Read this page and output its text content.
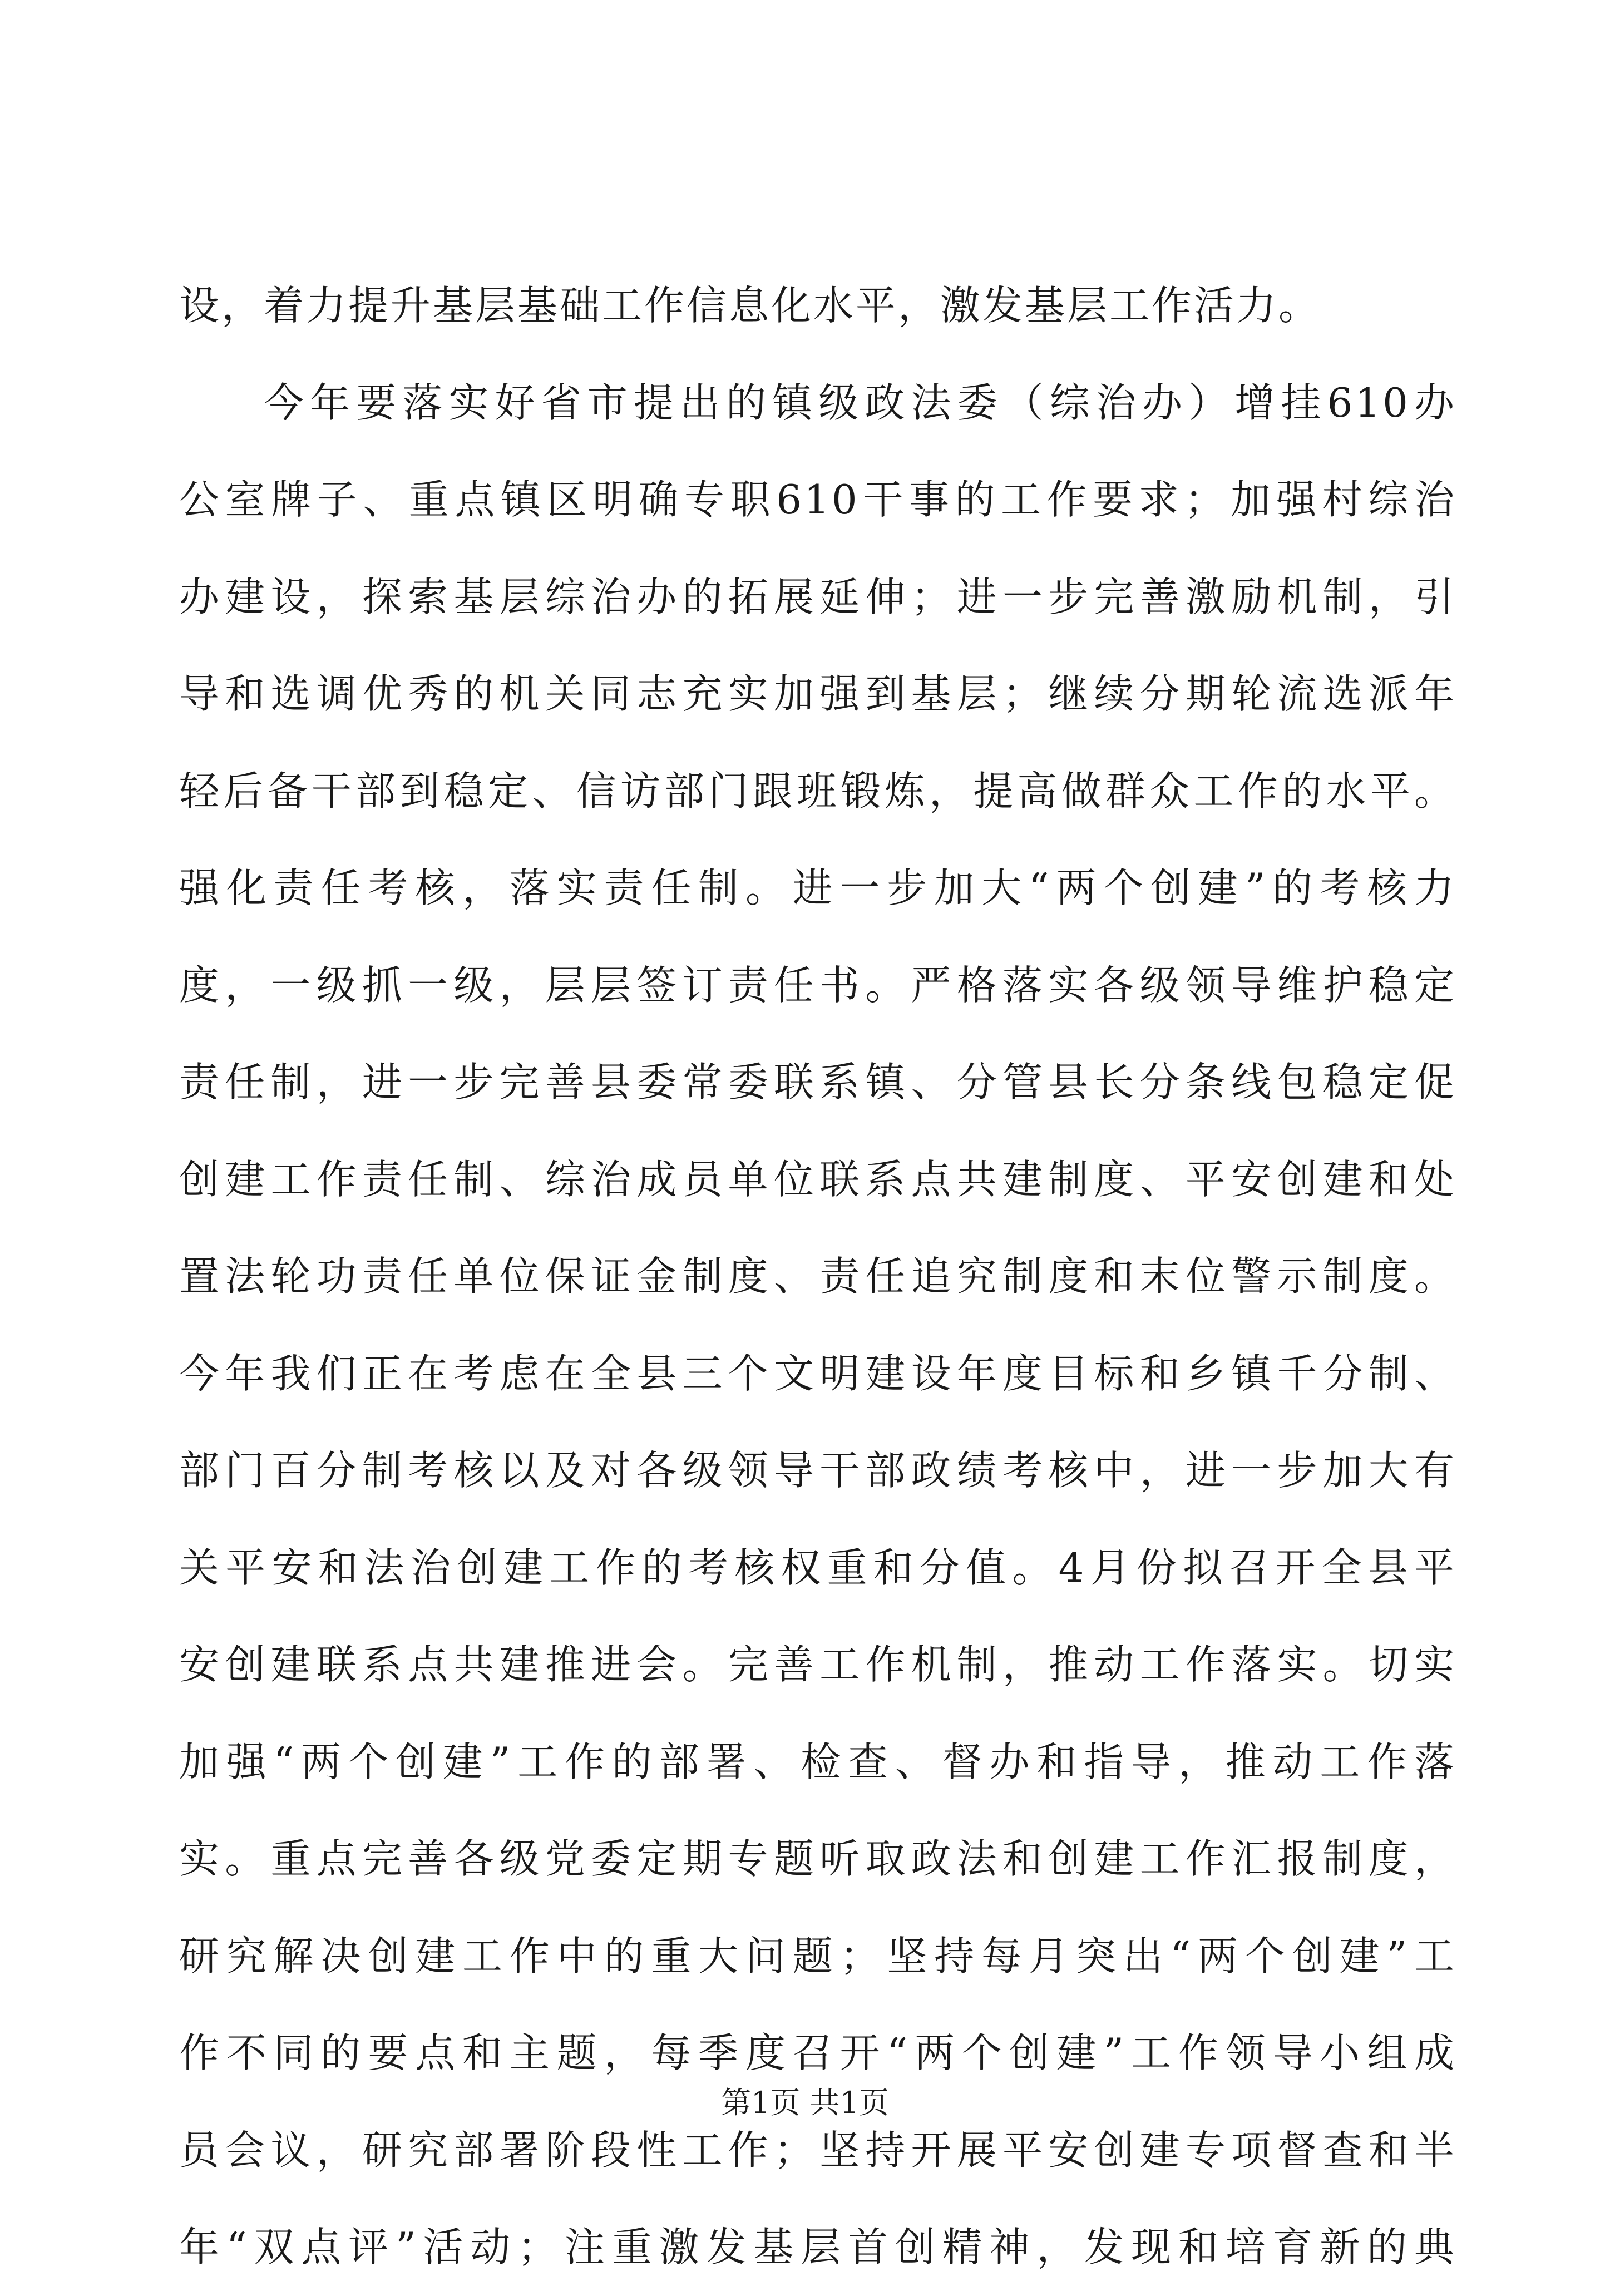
设，着力提升基层基础工作信息化水平，激发基层工作活力。
今年要落实好省市提出的镇级政法委（综治办）增挂610办
公室牌子、重点镇区明确专职610干事的工作要求；加强村综治
办建设，探索基层综治办的拓展延伸；进一步完善激励机制，引
导和选调优秀的机关同志充实加强到基层；继续分期轮流选派年
轻后备干部到稳定、信访部门跟班锻炼，提高做群众工作的水平。
强化责任考核，落实责任制。进一步加大“两个创建”的考核力
度，一级抓一级，层层签订责任书。严格落实各级领导维护稳定
责任制，进一步完善县委常委联系镇、分管县长分条线包稳定促
创建工作责任制、综治成员单位联系点共建制度、平安创建和处
置法轮功责任单位保证金制度、责任追究制度和末位警示制度。
今年我们正在考虑在全县三个文明建设年度目标和乡镇千分制、
部门百分制考核以及对各级领导干部政绩考核中，进一步加大有
关平安和法治创建工作的考核权重和分值。4月份拟召开全县平
安创建联系点共建推进会。完善工作机制，推动工作落实。切实
加强“两个创建”工作的部署、检查、督办和指导，推动工作落
实。重点完善各级党委定期专题听取政法和创建工作汇报制度，
研究解决创建工作中的重大问题；坚持每月突出“两个创建”工
作不同的要点和主题，每季度召开“两个创建”工作领导小组成
员会议，研究部署阶段性工作；坚持开展平安创建专项督查和半
年“双点评”活动；注重激发基层首创精神，发现和培育新的典
第1页 共1页
